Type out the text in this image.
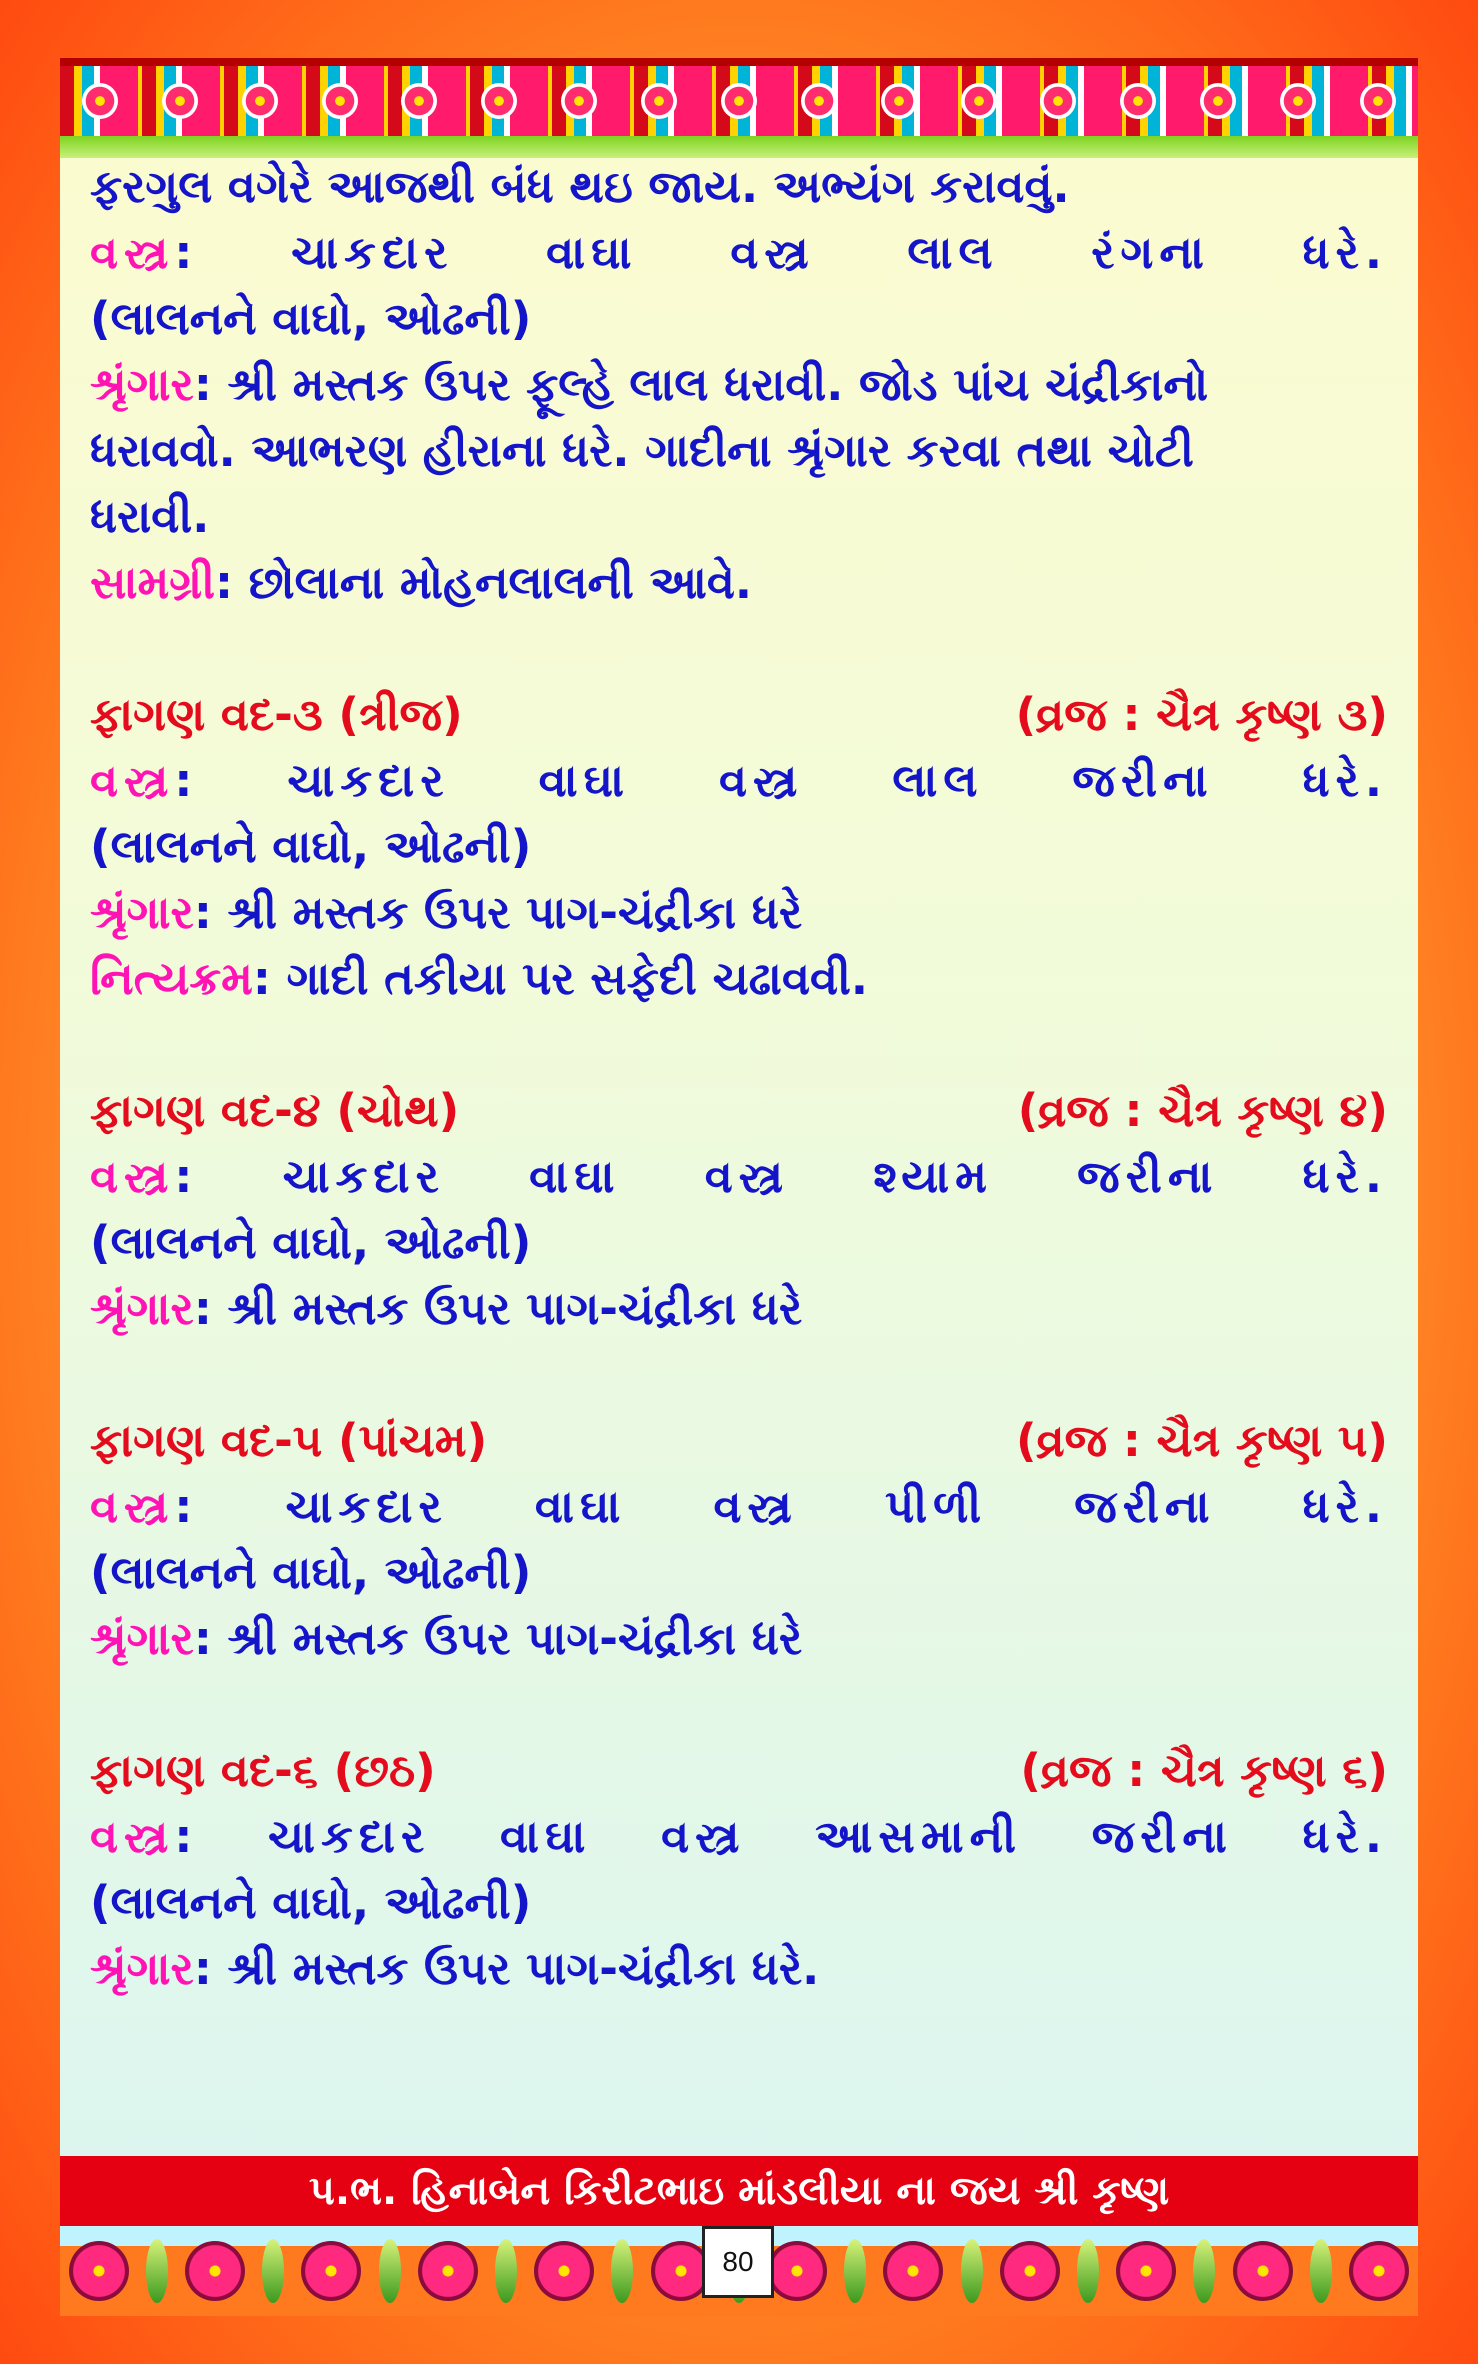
ફરગુલ વગેરે આજથી બંધ થઇ જાય. અભ્યંગ કરાવવું.
વસ્ત્ર: ચાકદાર વાઘા વસ્ત્ર લાલ રંગના ધરે.
(લાલનને વાઘો, ઓઢની)
શ્રૃંગાર: શ્રી મસ્તક ઉપર ફૂલ્હે લાલ ધરાવી. જોડ પાંચ ચંદ્રીકાનો
ધરાવવો. આભરણ હીરાના ધરે. ગાદીના શ્રૃંગાર કરવા તથા ચોટી
ધરાવી.
સામગ્રી: છોલાના મોહનલાલની આવે.
ફાગણ વદ-૩ (ત્રીજ)	(વ્રજ : ચૈત્ર કૃષ્ણ ૩)
વસ્ત્ર: ચાકદાર વાઘા વસ્ત્ર લાલ જરીના ધરે.
(લાલનને વાઘો, ઓઢની)
શ્રૃંગાર: શ્રી મસ્તક ઉપર પાગ-ચંદ્રીકા ધરે
નિત્યક્રમ: ગાદી તકીયા પર સફેદી ચઢાવવી.
ફાગણ વદ-૪ (ચોથ)	(વ્રજ : ચૈત્ર કૃષ્ણ ૪)
વસ્ત્ર: ચાકદાર વાઘા વસ્ત્ર શ્યામ જરીના ધરે.
(લાલનને વાઘો, ઓઢની)
શ્રૃંગાર: શ્રી મસ્તક ઉપર પાગ-ચંદ્રીકા ધરે
ફાગણ વદ-૫ (પાંચમ)	(વ્રજ : ચૈત્ર કૃષ્ણ ૫)
વસ્ત્ર: ચાકદાર વાઘા વસ્ત્ર પીળી જરીના ધરે.
(લાલનને વાઘો, ઓઢની)
શ્રૃંગાર: શ્રી મસ્તક ઉપર પાગ-ચંદ્રીકા ધરે
ફાગણ વદ-૬ (છઠ)	(વ્રજ : ચૈત્ર કૃષ્ણ ૬)
વસ્ત્ર: ચાકદાર વાઘા વસ્ત્ર આસમાની જરીના ધરે.
(લાલનને વાઘો, ઓઢની)
શ્રૃંગાર: શ્રી મસ્તક ઉપર પાગ-ચંદ્રીકા ધરે.
પ.ભ. હિનાબેન કિરીટભાઇ માંડલીયા ના જય શ્રી કૃષ્ણ
80
